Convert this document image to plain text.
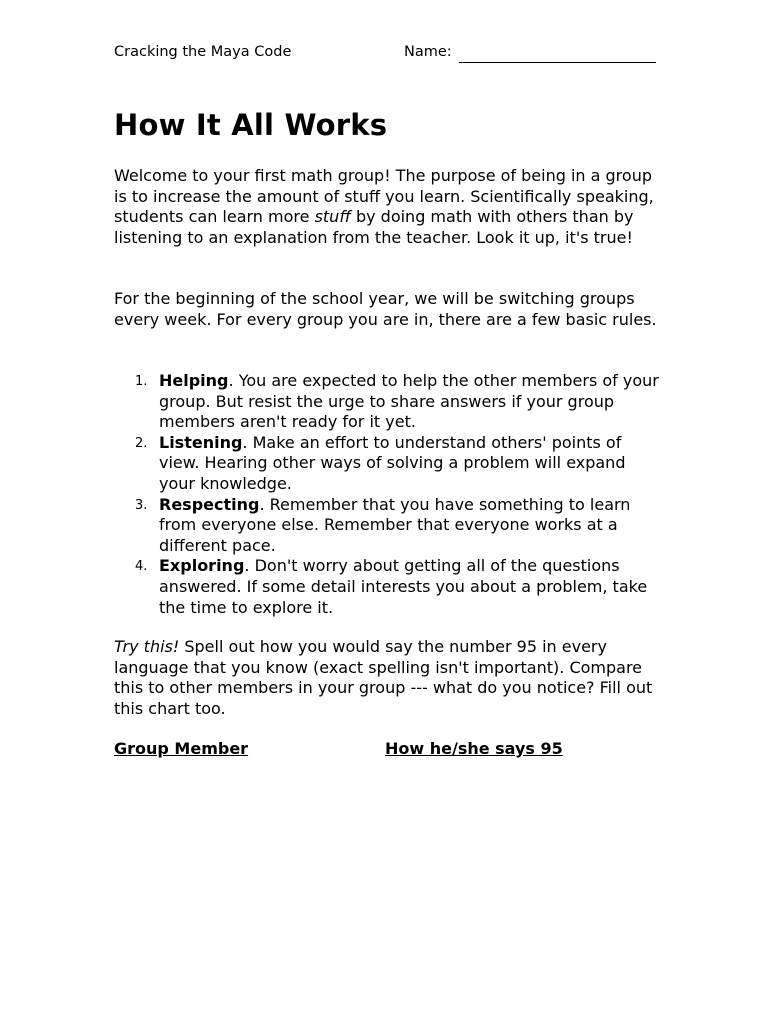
Cracking the Maya Code	Name:
How It All Works

Welcome to your first math group! The purpose of being in a group is to increase the amount of stuff you learn. Scientifically speaking, students can learn more stuff by doing math with others than by listening to an explanation from the teacher. Look it up, it's true!

For the beginning of the school year, we will be switching groups every week. For every group you are in, there are a few basic rules.

1. Helping. You are expected to help the other members of your group. But resist the urge to share answers if your group members aren't ready for it yet.
2. Listening. Make an effort to understand others' points of view. Hearing other ways of solving a problem will expand your knowledge.
3. Respecting. Remember that you have something to learn from everyone else. Remember that everyone works at a different pace.
4. Exploring. Don't worry about getting all of the questions answered. If some detail interests you about a problem, take the time to explore it.

Try this! Spell out how you would say the number 95 in every language that you know (exact spelling isn't important). Compare this to other members in your group --- what do you notice? Fill out this chart too.

Group Member	How he/she says 95
